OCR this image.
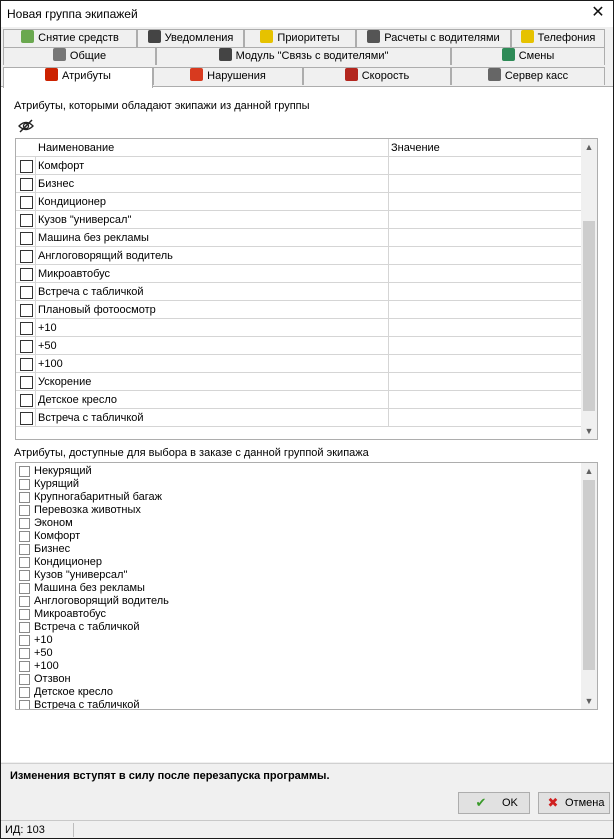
Новая группа экипажей	✕
Снятие средств	Уведомления	Приоритеты	Расчеты с водителями	Телефония
Общие	Модуль "Связь с водителями"	Смены
Атрибуты	Нарушения	Скорость	Сервер касс
Атрибуты, которыми обладают экипажи из данной группы
Наименование	Значение
Комфорт
Бизнес
Кондиционер
Кузов "универсал"
Машина без рекламы
Англоговорящий водитель
Микроавтобус
Встреча с табличкой
Плановый фотоосмотр
+10
+50
+100
Ускорение
Детское кресло
Встреча с табличкой
▲
▼
Атрибуты, доступные для выбора в заказе с данной группой экипажа
Некурящий
Курящий
Крупногабаритный багаж
Перевозка животных
Эконом
Комфорт
Бизнес
Кондиционер
Кузов "универсал"
Машина без рекламы
Англоговорящий водитель
Микроавтобус
Встреча с табличкой
+10
+50
+100
Отзвон
Детское кресло
Встреча с табличкой
▲
▼
Изменения вступят в силу после перезапуска программы.
✔ OK ✖ Отмена
ИД: 103
